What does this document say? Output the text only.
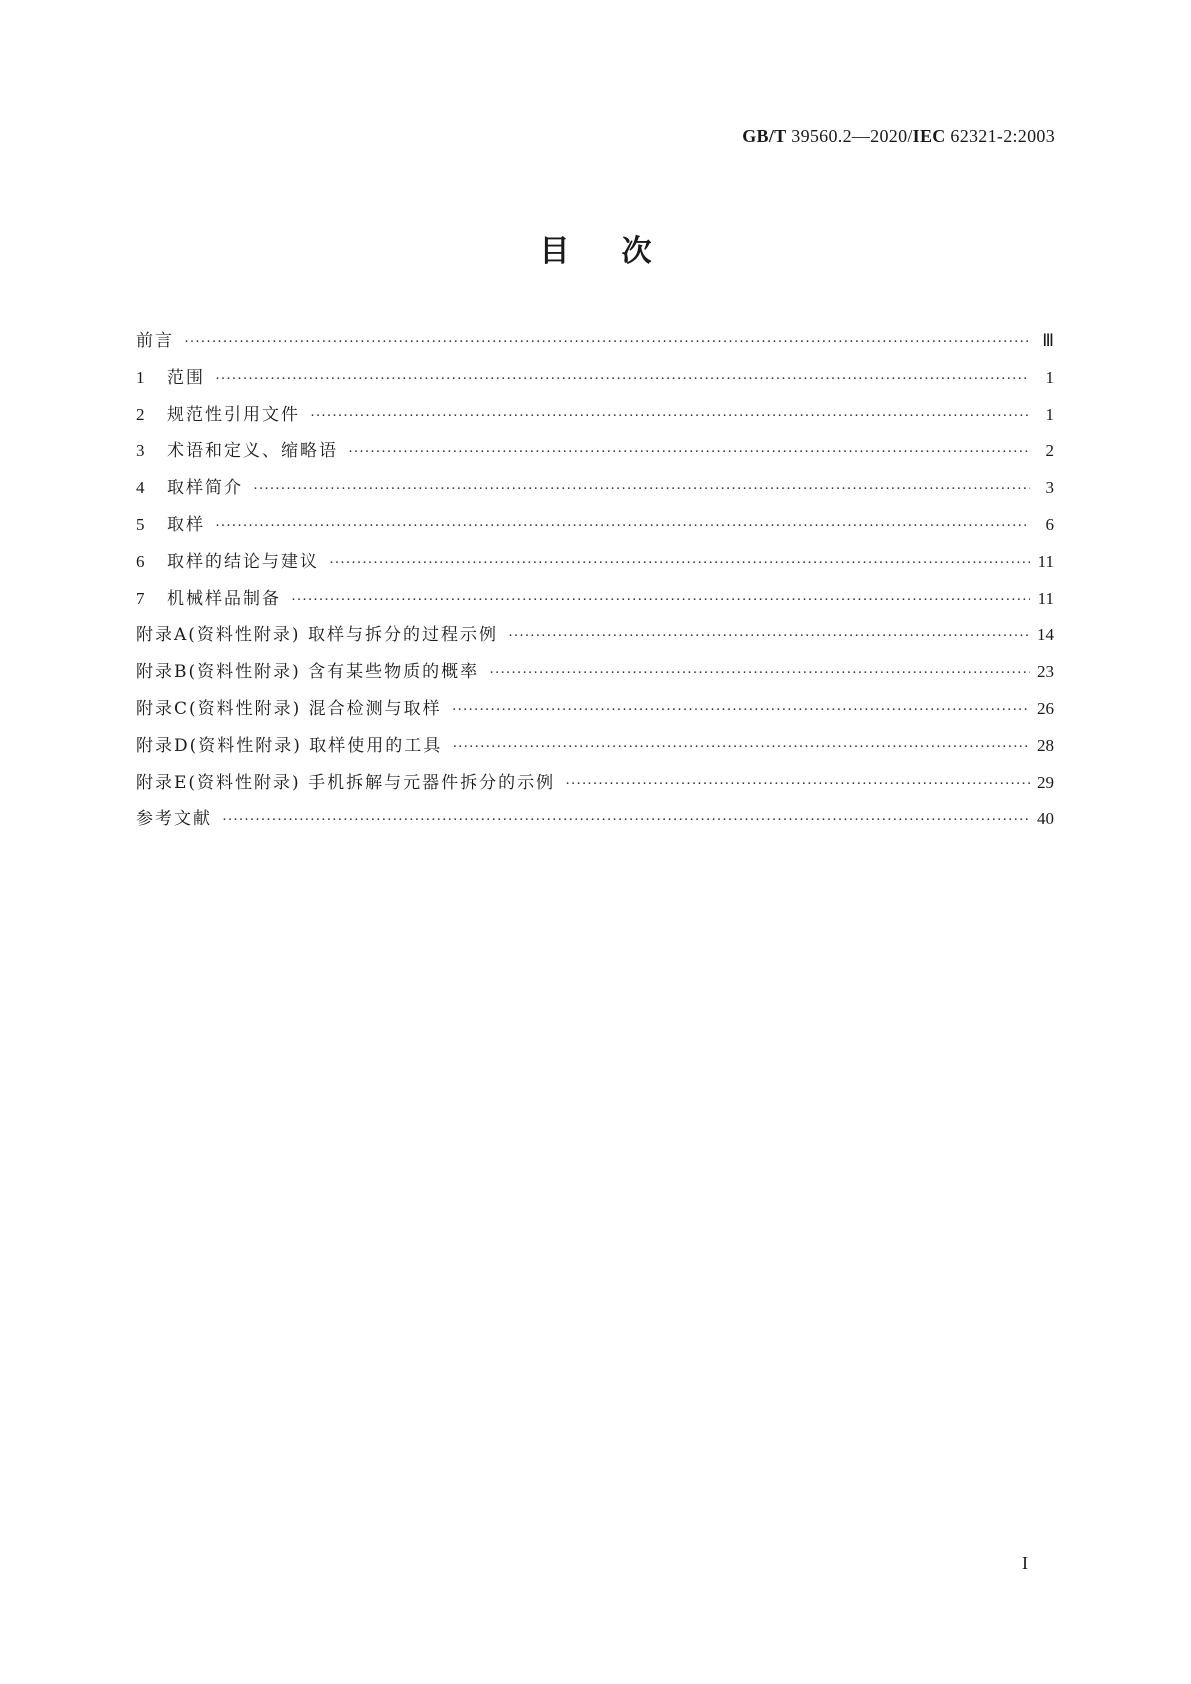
GB/T 39560.2—2020/IEC 62321-2:2003
目次
前言 ·····	Ⅲ
1	范围 ·····	1
2	规范性引用文件 ·····	1
3	术语和定义、缩略语 ·····	2
4	取样简介 ·····	3
5	取样 ·····	6
6	取样的结论与建议 ·····	11
7	机械样品制备 ·····	11
附录A(资料性附录) 取样与拆分的过程示例 ·····	14
附录B(资料性附录) 含有某些物质的概率 ·····	23
附录C(资料性附录) 混合检测与取样 ·····	26
附录D(资料性附录) 取样使用的工具 ·····	28
附录E(资料性附录) 手机拆解与元器件拆分的示例 ·····	29
参考文献 ·····	40
I
